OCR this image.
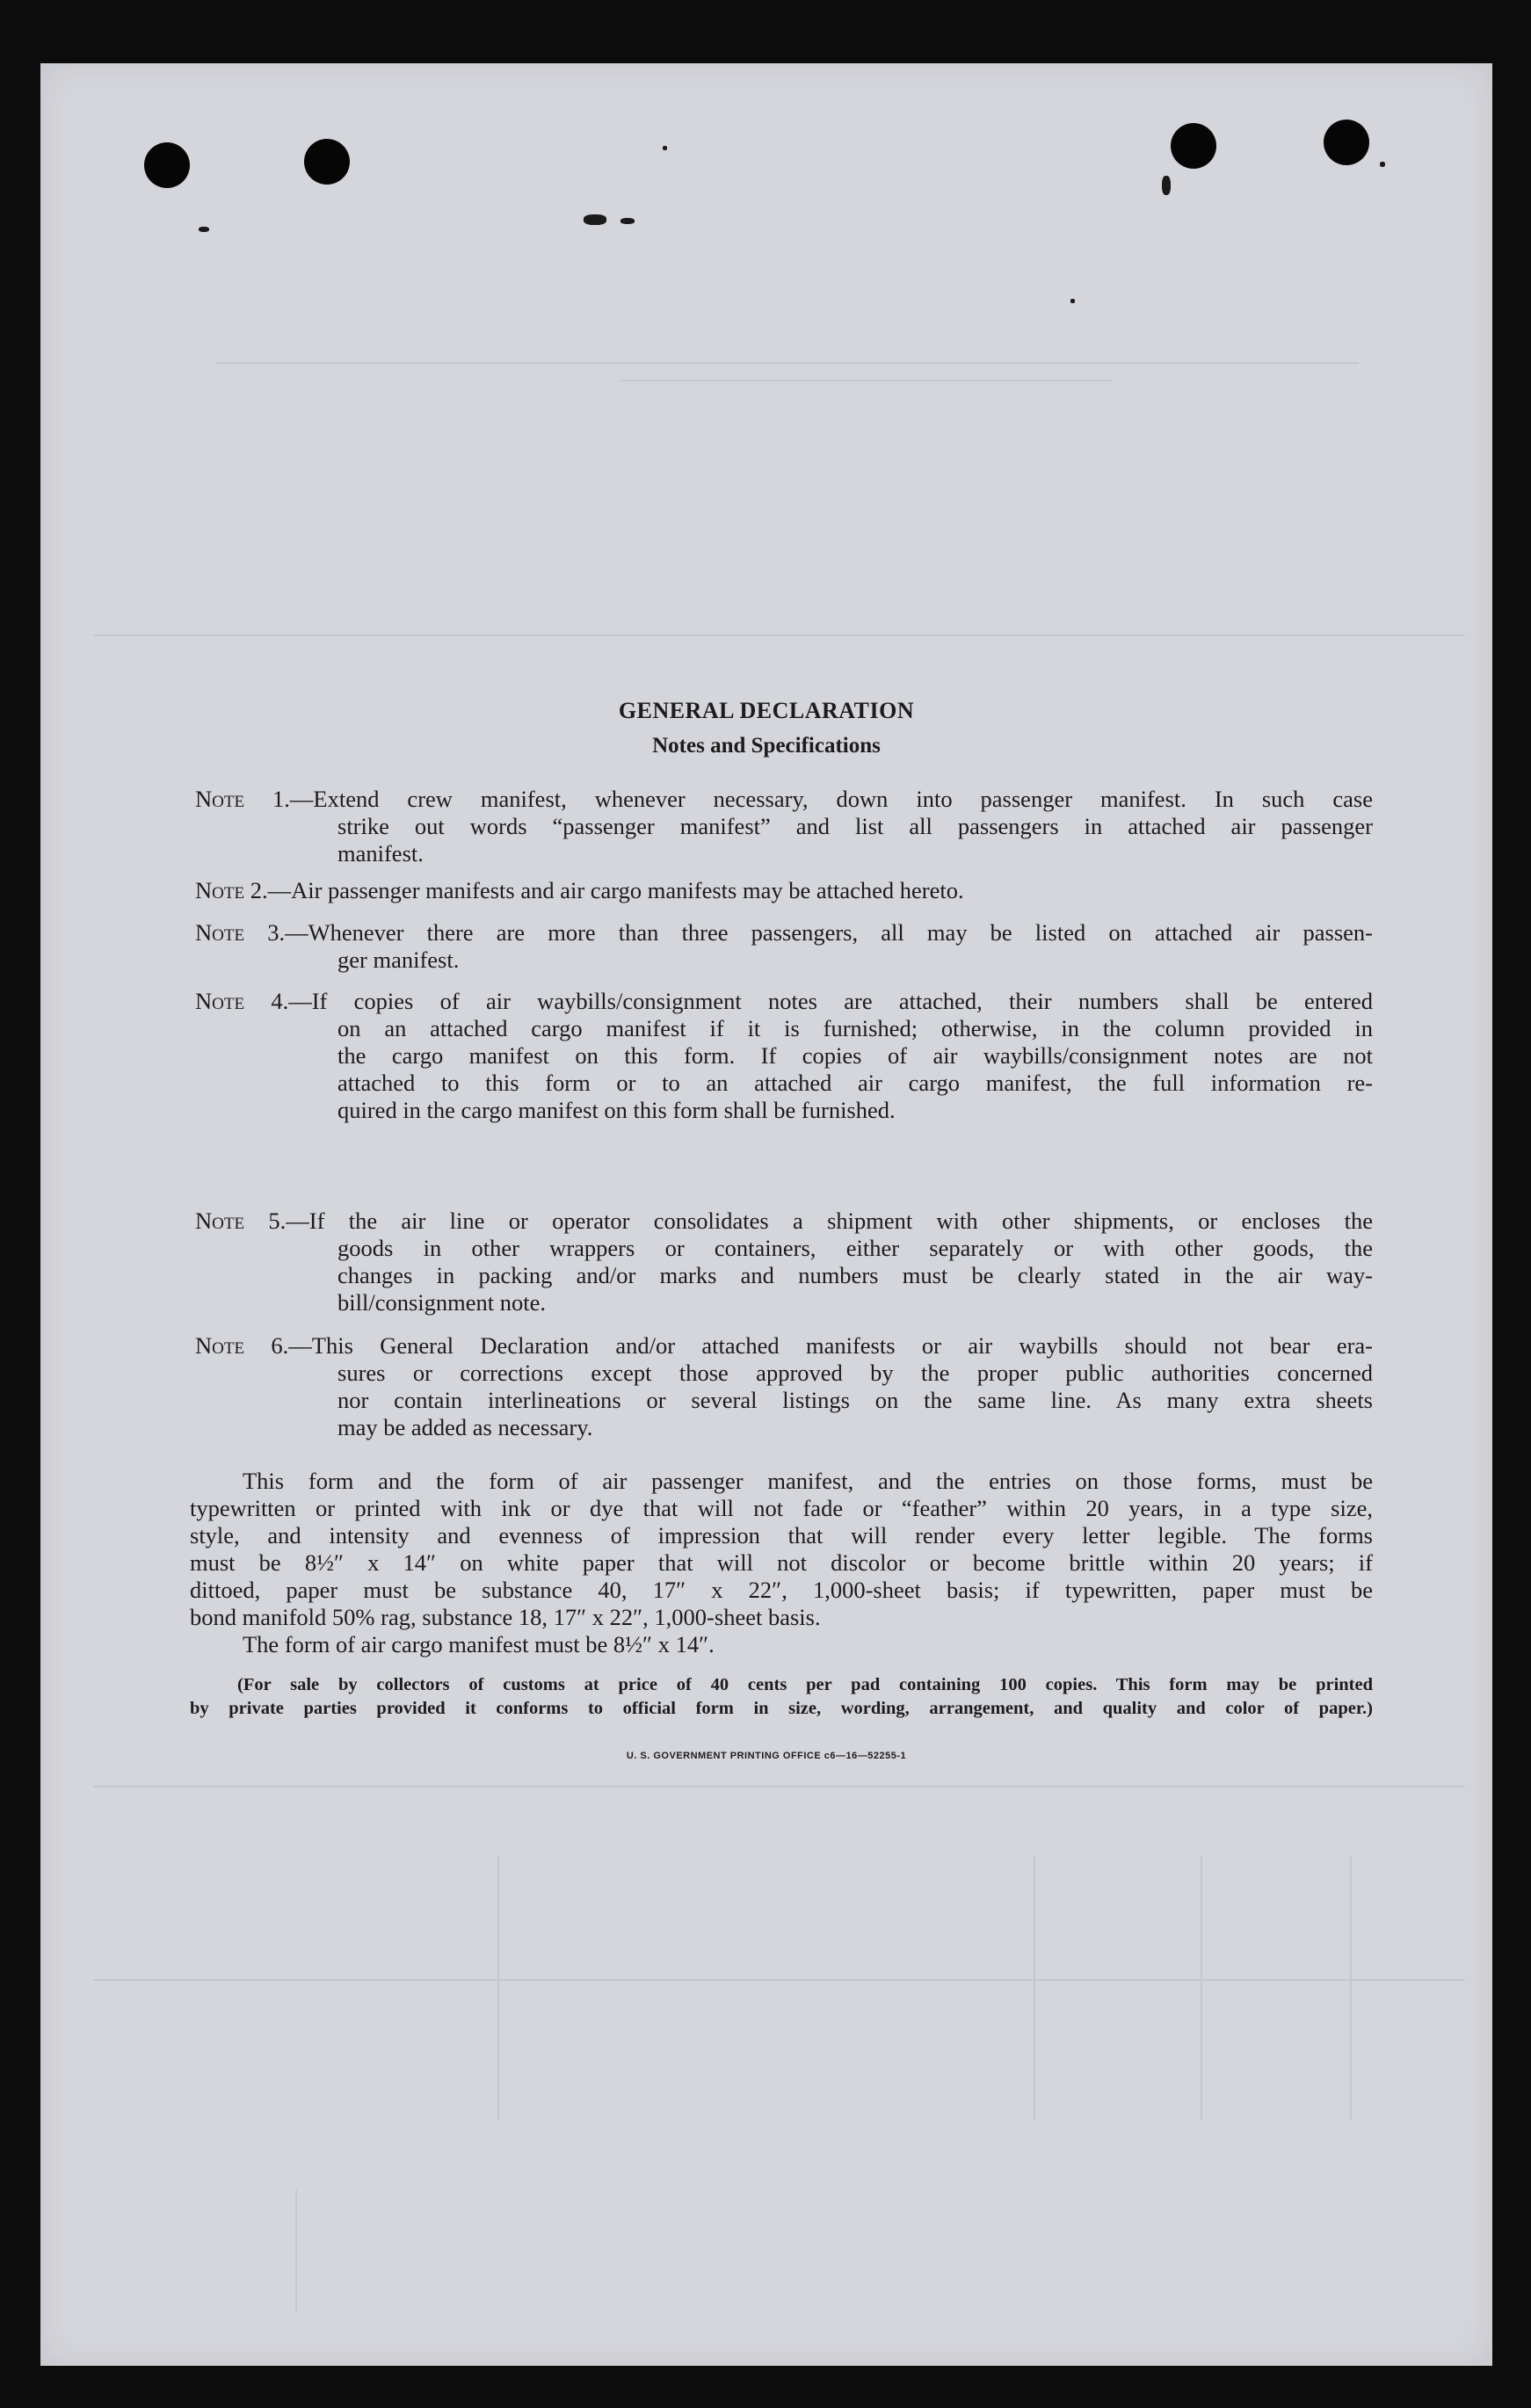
GENERAL DECLARATION
Notes and Specifications
Note 1.—Extend crew manifest, whenever necessary, down into passenger manifest. In such case
strike out words “passenger manifest” and list all passengers in attached air passenger
manifest.
Note 2.—Air passenger manifests and air cargo manifests may be attached hereto.
Note 3.—Whenever there are more than three passengers, all may be listed on attached air passen-
ger manifest.
Note 4.—If copies of air waybills/consignment notes are attached, their numbers shall be entered
on an attached cargo manifest if it is furnished; otherwise, in the column provided in
the cargo manifest on this form. If copies of air waybills/consignment notes are not
attached to this form or to an attached air cargo manifest, the full information re-
quired in the cargo manifest on this form shall be furnished.
Note 5.—If the air line or operator consolidates a shipment with other shipments, or encloses the
goods in other wrappers or containers, either separately or with other goods, the
changes in packing and/or marks and numbers must be clearly stated in the air way-
bill/consignment note.
Note 6.—This General Declaration and/or attached manifests or air waybills should not bear era-
sures or corrections except those approved by the proper public authorities concerned
nor contain interlineations or several listings on the same line. As many extra sheets
may be added as necessary.
This form and the form of air passenger manifest, and the entries on those forms, must be
typewritten or printed with ink or dye that will not fade or “feather” within 20 years, in a type size,
style, and intensity and evenness of impression that will render every letter legible. The forms
must be 8½″ x 14″ on white paper that will not discolor or become brittle within 20 years; if
dittoed, paper must be substance 40, 17″ x 22″, 1,000-sheet basis; if typewritten, paper must be
bond manifold 50% rag, substance 18, 17″ x 22″, 1,000-sheet basis.
The form of air cargo manifest must be 8½″ x 14″.
(For sale by collectors of customs at price of 40 cents per pad containing 100 copies. This form may be printed
by private parties provided it conforms to official form in size, wording, arrangement, and quality and color of paper.)
U. S. GOVERNMENT PRINTING OFFICE c6—16—52255-1
